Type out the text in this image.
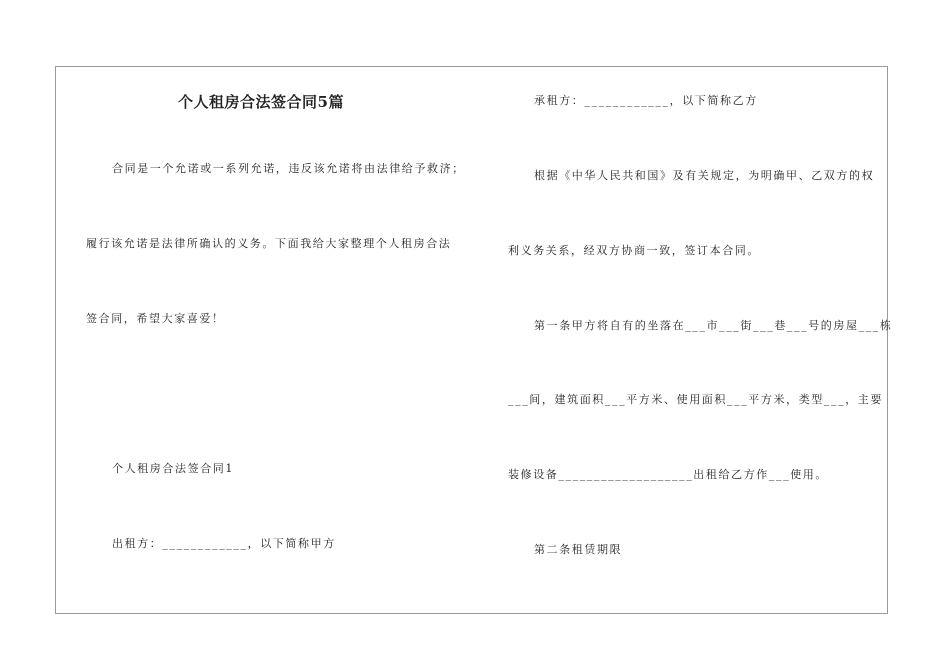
个人租房合法签合同5篇
合同是一个允诺或一系列允诺，违反该允诺将由法律给予救济；
履行该允诺是法律所确认的义务。下面我给大家整理个人租房合法
签合同，希望大家喜爱！
个人租房合法签合同1
出租方：____________，以下简称甲方
承租方：____________，以下简称乙方
根据《中华人民共和国》及有关规定，为明确甲、乙双方的权
利义务关系，经双方协商一致，签订本合同。
第一条甲方将自有的坐落在___市___街___巷___号的房屋___栋
___间，建筑面积___平方米、使用面积___平方米，类型___，主要
装修设备___________________出租给乙方作___使用。
第二条租赁期限
